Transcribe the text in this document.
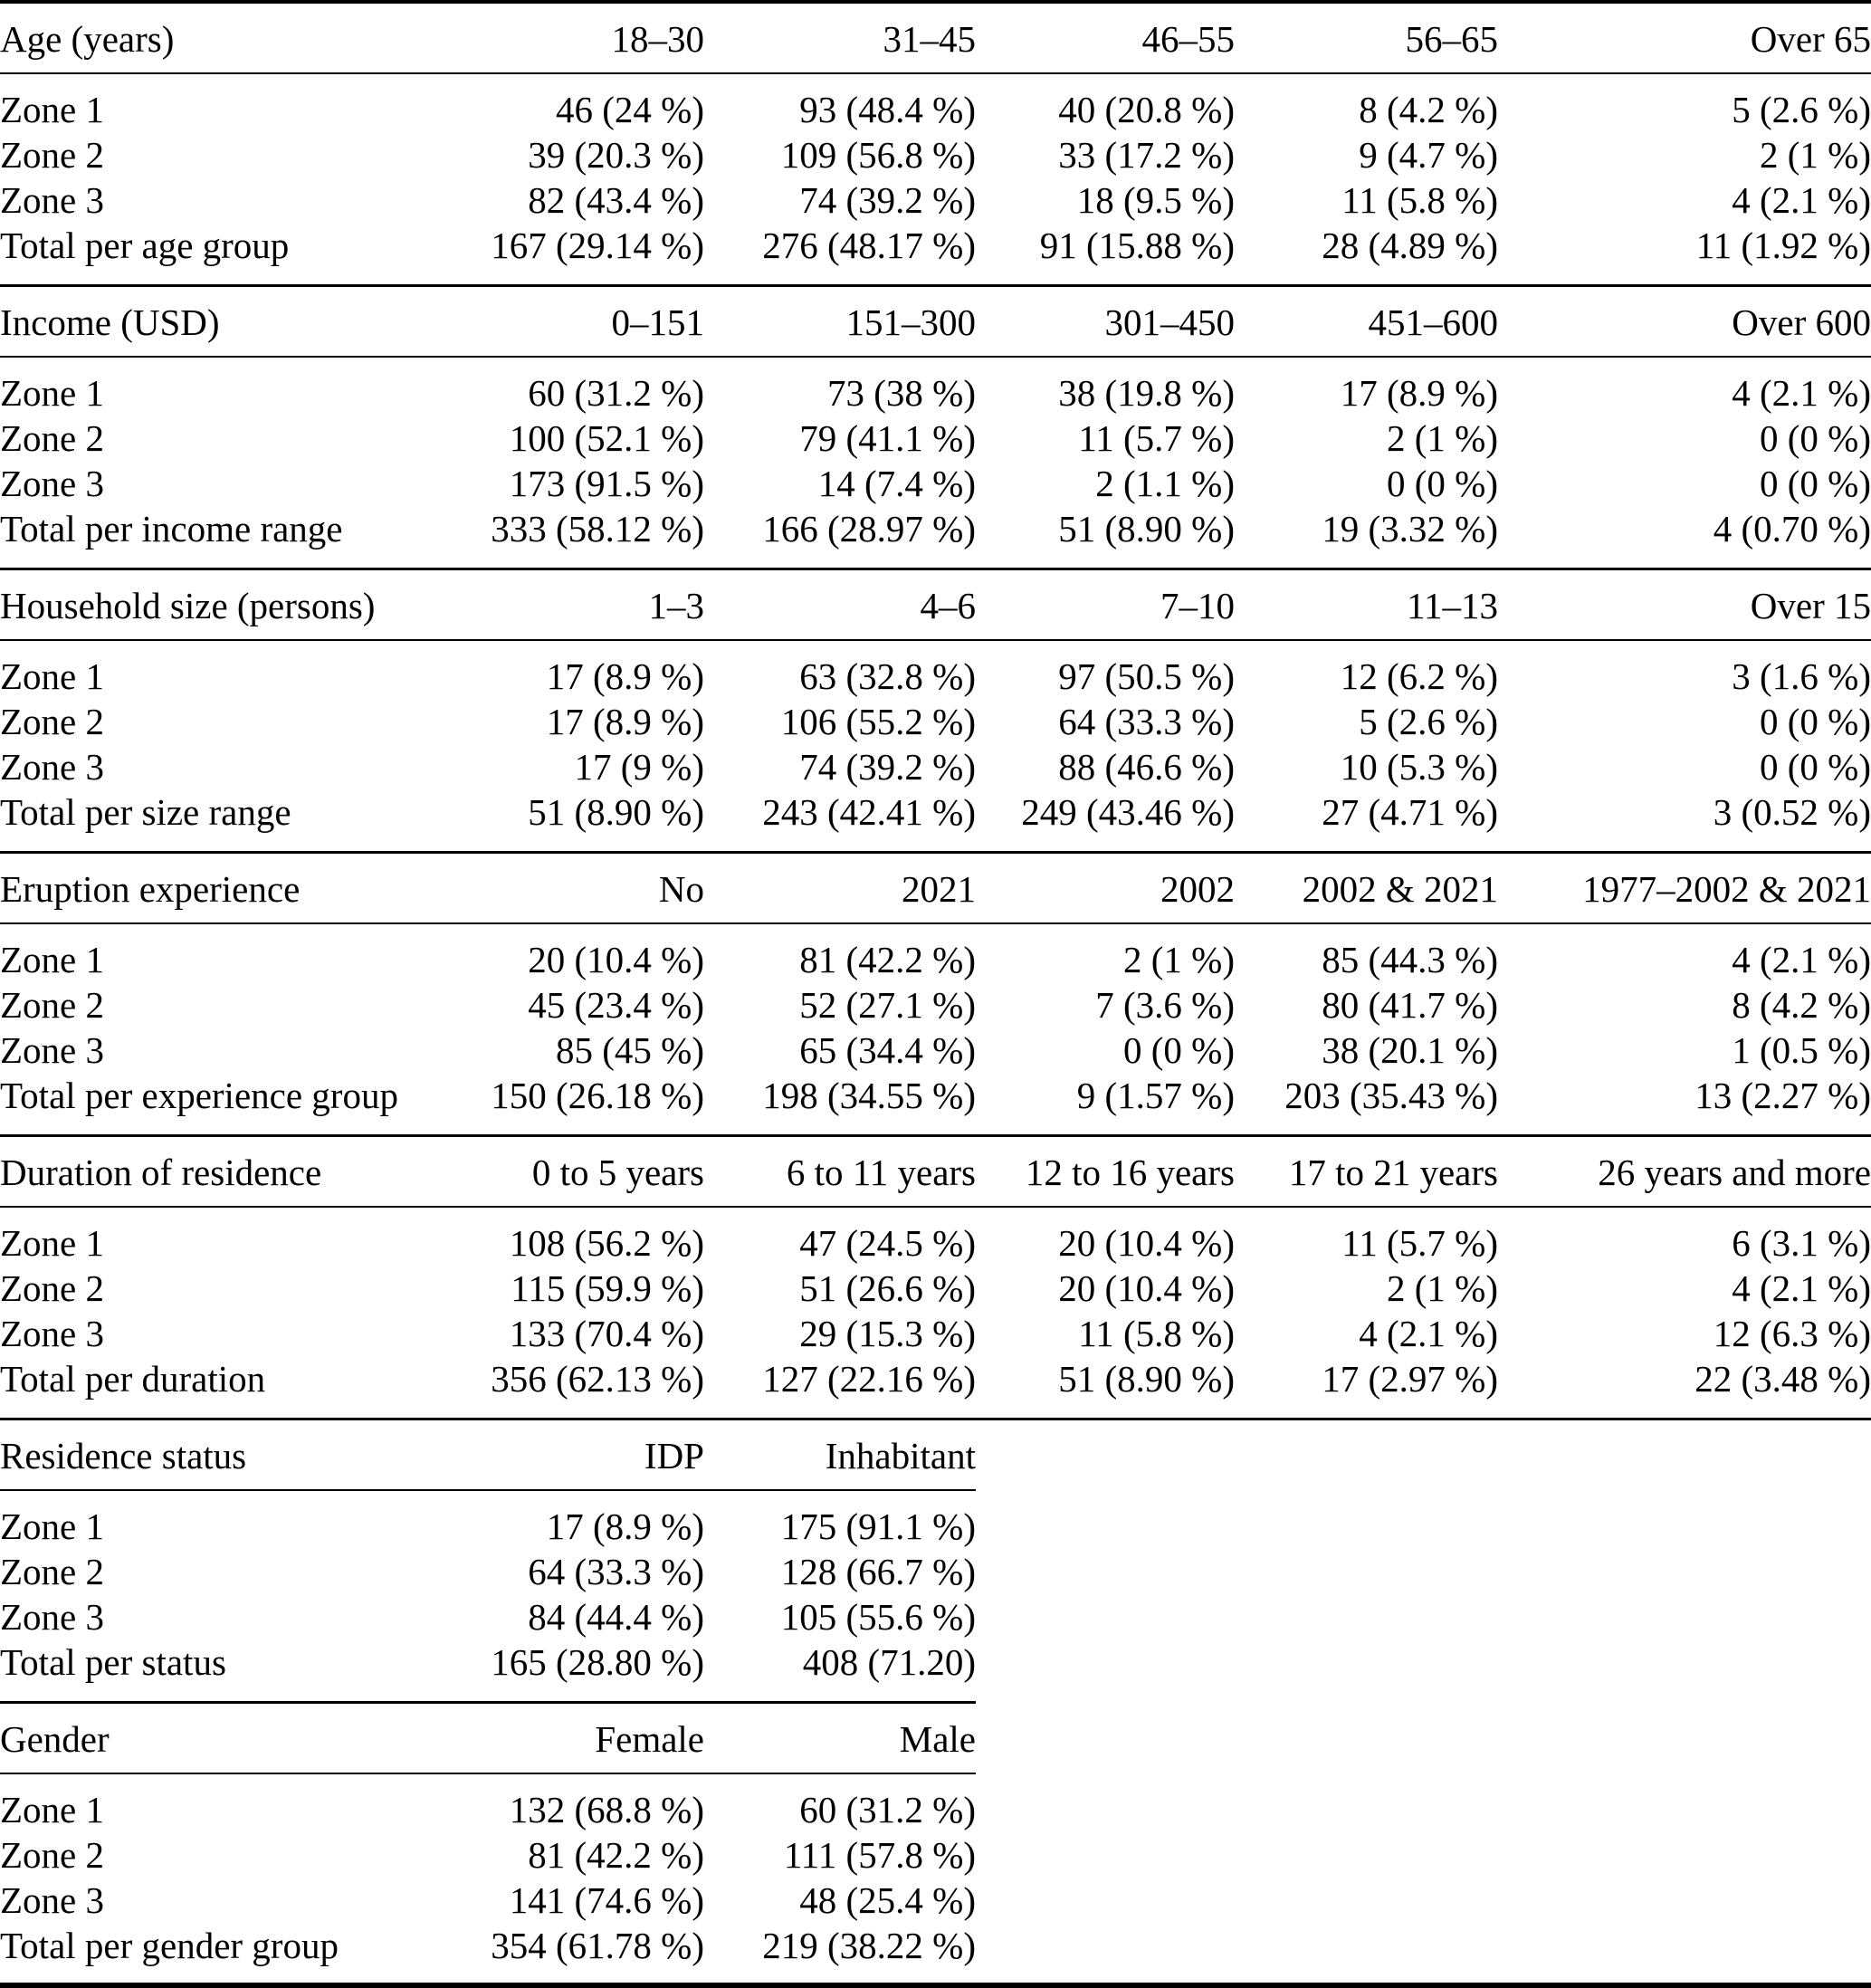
Age (years)	18–30	31–45	46–55	56–65	Over 65
Zone 1	46 (24 %)	93 (48.4 %)	40 (20.8 %)	8 (4.2 %)	5 (2.6 %)
Zone 2	39 (20.3 %)	109 (56.8 %)	33 (17.2 %)	9 (4.7 %)	2 (1 %)
Zone 3	82 (43.4 %)	74 (39.2 %)	18 (9.5 %)	11 (5.8 %)	4 (2.1 %)
Total per age group	167 (29.14 %)	276 (48.17 %)	91 (15.88 %)	28 (4.89 %)	11 (1.92 %)
Income (USD)	0–151	151–300	301–450	451–600	Over 600
Zone 1	60 (31.2 %)	73 (38 %)	38 (19.8 %)	17 (8.9 %)	4 (2.1 %)
Zone 2	100 (52.1 %)	79 (41.1 %)	11 (5.7 %)	2 (1 %)	0 (0 %)
Zone 3	173 (91.5 %)	14 (7.4 %)	2 (1.1 %)	0 (0 %)	0 (0 %)
Total per income range	333 (58.12 %)	166 (28.97 %)	51 (8.90 %)	19 (3.32 %)	4 (0.70 %)
Household size (persons)	1–3	4–6	7–10	11–13	Over 15
Zone 1	17 (8.9 %)	63 (32.8 %)	97 (50.5 %)	12 (6.2 %)	3 (1.6 %)
Zone 2	17 (8.9 %)	106 (55.2 %)	64 (33.3 %)	5 (2.6 %)	0 (0 %)
Zone 3	17 (9 %)	74 (39.2 %)	88 (46.6 %)	10 (5.3 %)	0 (0 %)
Total per size range	51 (8.90 %)	243 (42.41 %)	249 (43.46 %)	27 (4.71 %)	3 (0.52 %)
Eruption experience	No	2021	2002	2002 & 2021	1977–2002 & 2021
Zone 1	20 (10.4 %)	81 (42.2 %)	2 (1 %)	85 (44.3 %)	4 (2.1 %)
Zone 2	45 (23.4 %)	52 (27.1 %)	7 (3.6 %)	80 (41.7 %)	8 (4.2 %)
Zone 3	85 (45 %)	65 (34.4 %)	0 (0 %)	38 (20.1 %)	1 (0.5 %)
Total per experience group	150 (26.18 %)	198 (34.55 %)	9 (1.57 %)	203 (35.43 %)	13 (2.27 %)
Duration of residence	0 to 5 years	6 to 11 years	12 to 16 years	17 to 21 years	26 years and more
Zone 1	108 (56.2 %)	47 (24.5 %)	20 (10.4 %)	11 (5.7 %)	6 (3.1 %)
Zone 2	115 (59.9 %)	51 (26.6 %)	20 (10.4 %)	2 (1 %)	4 (2.1 %)
Zone 3	133 (70.4 %)	29 (15.3 %)	11 (5.8 %)	4 (2.1 %)	12 (6.3 %)
Total per duration	356 (62.13 %)	127 (22.16 %)	51 (8.90 %)	17 (2.97 %)	22 (3.48 %)
Residence status	IDP	Inhabitant			
Zone 1	17 (8.9 %)	175 (91.1 %)			
Zone 2	64 (33.3 %)	128 (66.7 %)			
Zone 3	84 (44.4 %)	105 (55.6 %)			
Total per status	165 (28.80 %)	408 (71.20)			
Gender	Female	Male			
Zone 1	132 (68.8 %)	60 (31.2 %)			
Zone 2	81 (42.2 %)	111 (57.8 %)			
Zone 3	141 (74.6 %)	48 (25.4 %)			
Total per gender group	354 (61.78 %)	219 (38.22 %)			
